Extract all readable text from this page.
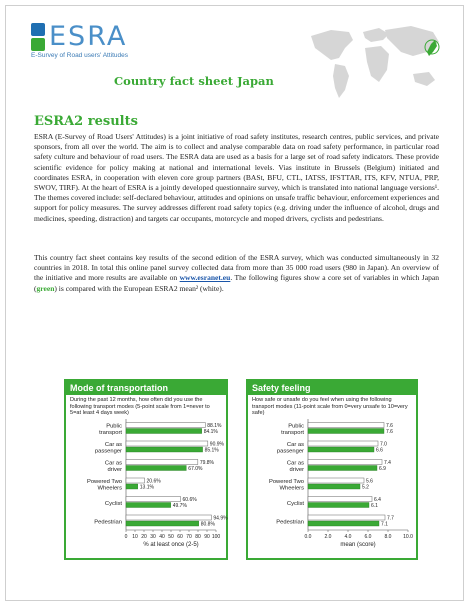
ESRA
E-Survey of Road users' Attitudes
Country fact sheet Japan
ESRA2 results

ESRA (E-Survey of Road Users' Attitudes) is a joint initiative of road safety institutes, research centres, public services, and private sponsors, from all over the world. The aim is to collect and analyse comparable data on road safety performance, in particular road safety culture and behaviour of road users. The ESRA data are used as a basis for a large set of road safety indicators. These provide scientific evidence for policy making at national and international levels. Vias institute in Brussels (Belgium) initiated and coordinates ESRA, in cooperation with eleven core group partners (BASt, BFU, CTL, IATSS, IFSTTAR, ITS, KFV, NTUA, PRP, SWOV, TIRF). At the heart of ESRA is a jointly developed questionnaire survey, which is translated into national language versions¹. The themes covered include: self-declared behaviour, attitudes and opinions on unsafe traffic behaviour, enforcement experiences and support for policy measures. The survey addresses different road safety topics (e.g. driving under the influence of alcohol, drugs and medicines, speeding, distraction) and targets car occupants, motorcycle and moped drivers, cyclists and pedestrians.

This country fact sheet contains key results of the second edition of the ESRA survey, which was conducted simultaneously in 32 countries in 2018. In total this online panel survey collected data from more than 35 000 road users (980 in Japan). An overview of the initiative and more results are available on www.esranet.eu. The following figures show a core set of variables in which Japan (green) is compared with the European ESRA2 mean² (white).

Mode of transportation
During the past 12 months, how often did you use the following transport modes (5-point scale from 1=never to 5=at least 4 days week)
0 10 20 30 40 50 60 70 80 90 100
% at least once (2-5)
Public
transport
88.1%
84.1%
Car as
passenger
90.9%
85.1%
Car as
driver
79.8%
67.0%
Powered Two
Wheelers
20.6%
13.1%
Cyclist
60.6%
49.7%
Pedestrian
94.9%
80.8%
Safety feeling
How safe or unsafe do you feel when using the following transport modes (11-point scale from 0=very unsafe to 10=very safe)
0.0	2.0	4.0	6.0	8.0 10.0
mean (score)
Public
transport
7.6
7.6
Car as
passenger
7.0
6.6
Car as
driver
7.4
6.9
Powered Two
Wheelers
5.6
5.2
Cyclist
6.4
6.1
Pedestrian
7.7
7.1
